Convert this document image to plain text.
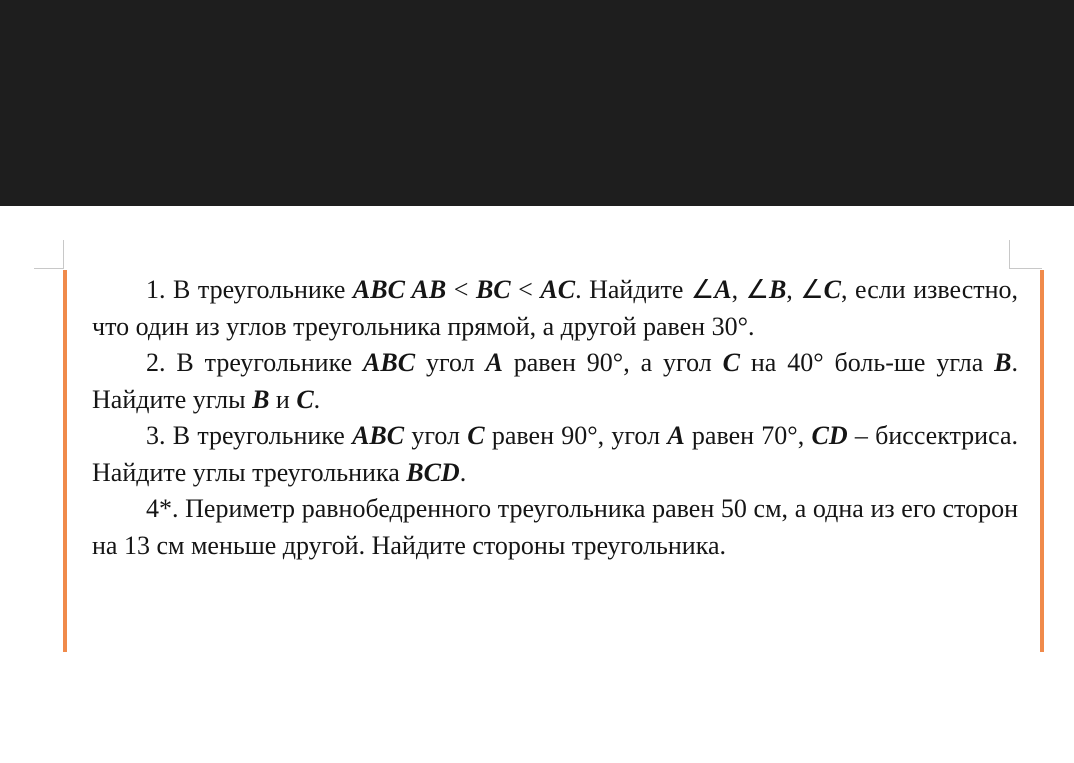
1. В треугольнике ABC AB < BC < AC. Найдите ∠A, ∠B, ∠C, если известно, что один из углов треугольника прямой, а другой равен 30°.

2. В треугольнике ABC угол A равен 90°, а угол C на 40° боль-ше угла B. Найдите углы B и C.

3. В треугольнике ABC угол C равен 90°, угол A равен 70°, CD – биссектриса. Найдите углы треугольника BCD.

4*. Периметр равнобедренного треугольника равен 50 см, а одна из его сторон на 13 см меньше другой. Найдите стороны треугольника.
